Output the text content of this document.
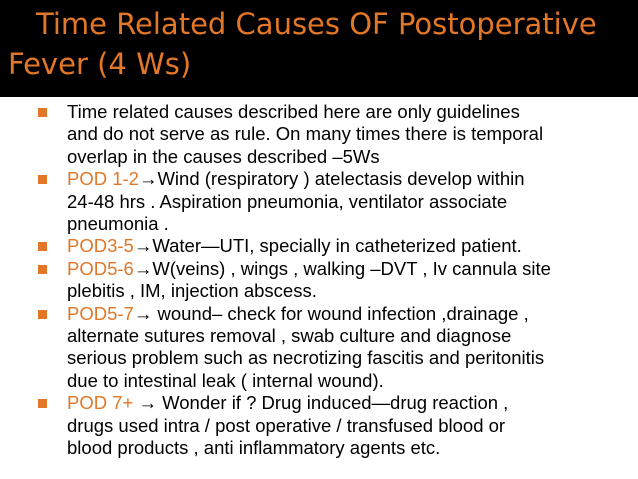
Time Related Causes OF Postoperative
Fever (4 Ws)
Time related causes described here are only guidelines
and do not serve as rule. On many times there is temporal
overlap in the causes described –5Ws
POD 1-2→Wind (respiratory ) atelectasis develop within
24-48 hrs . Aspiration pneumonia, ventilator associate
pneumonia .
POD3-5→Water—UTI, specially in catheterized patient.
POD5-6→W(veins) , wings , walking –DVT , Iv cannula site
plebitis , IM, injection abscess.
POD5-7→ wound– check for wound infection ,drainage ,
alternate sutures removal , swab culture and diagnose
serious problem such as necrotizing fascitis and peritonitis
due to intestinal leak ( internal wound).
POD 7+ → Wonder if ? Drug induced—drug reaction ,
drugs used intra / post operative / transfused blood or
blood products , anti inflammatory agents etc.
